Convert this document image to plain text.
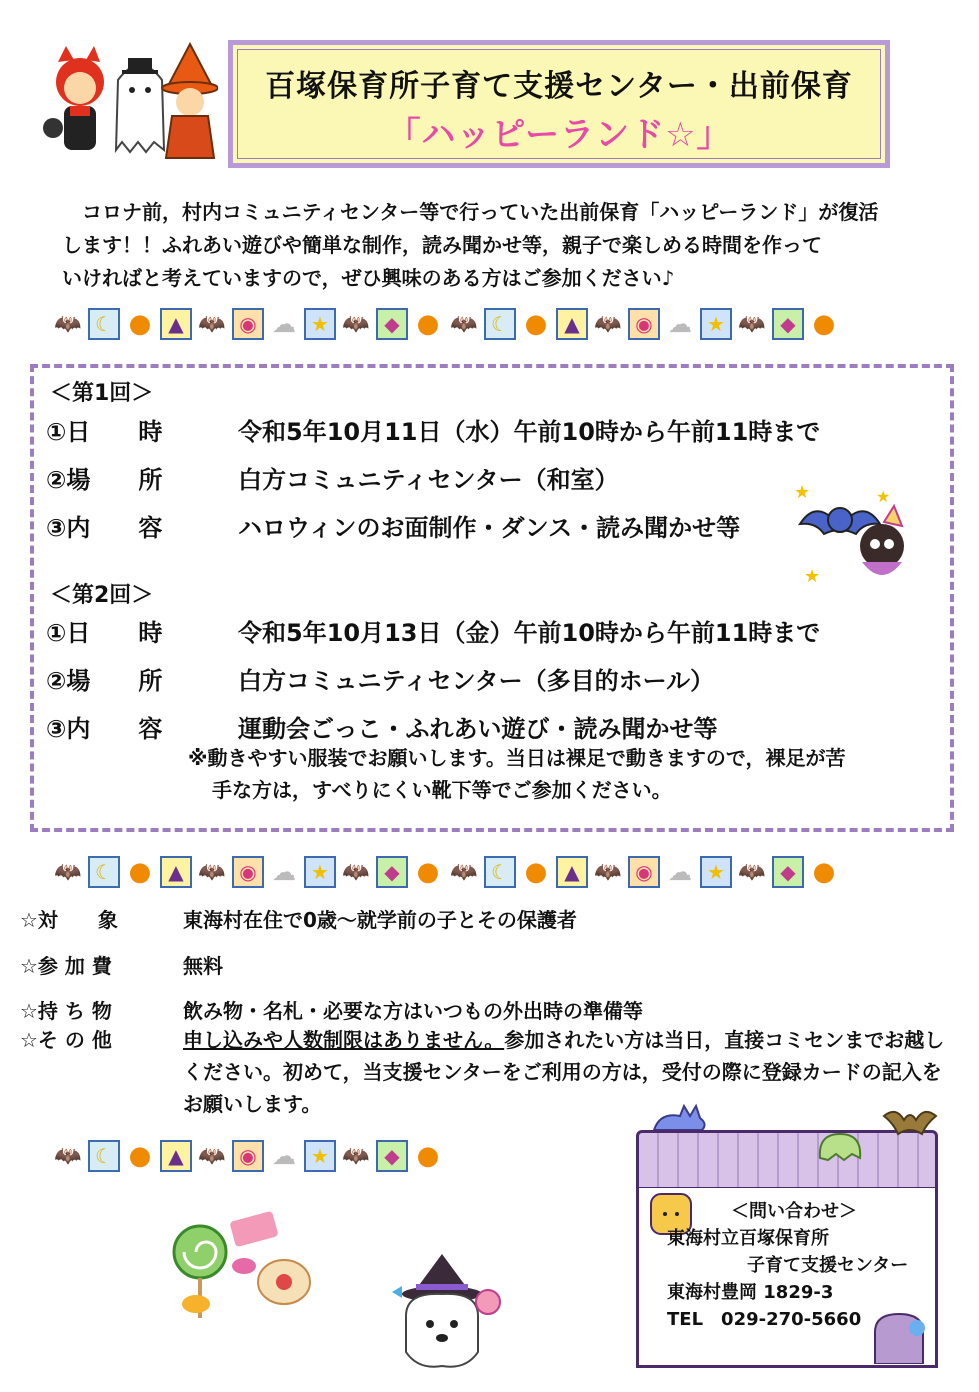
百塚保育所子育て支援センター・出前保育
「ハッピーランド☆」
　コロナ前，村内コミュニティセンター等で行っていた出前保育「ハッピーランド」が復活
します！！ふれあい遊びや簡単な制作，読み聞かせ等，親子で楽しめる時間を作って
いければと考えていますので，ぜひ興味のある方はご参加ください♪
🦇 ☾ ● ▲ 🦇 ◉ ☁ ★ 🦇 ◆ ● 🦇 ☾ ● ▲ 🦇 ◉ ☁ ★ 🦇 ◆ ●
＜第1回＞
①日　　時	令和5年10月11日（水）午前10時から午前11時まで
②場　　所	白方コミュニティセンター（和室）
③内　　容	ハロウィンのお面制作・ダンス・読み聞かせ等
★
★
★
＜第2回＞
①日　　時	令和5年10月13日（金）午前10時から午前11時まで
②場　　所	白方コミュニティセンター（多目的ホール）
③内　　容	運動会ごっこ・ふれあい遊び・読み聞かせ等
※動きやすい服装でお願いします。当日は裸足で動きますので，裸足が苦
手な方は，すべりにくい靴下等でご参加ください。
🦇 ☾ ● ▲ 🦇 ◉ ☁ ★ 🦇 ◆ ● 🦇 ☾ ● ▲ 🦇 ◉ ☁ ★ 🦇 ◆ ●
☆対　　象	東海村在住で0歳～就学前の子とその保護者
☆参 加 費	無料
☆持 ち 物	飲み物・名札・必要な方はいつもの外出時の準備等
☆そ の 他	申し込みや人数制限はありません。参加されたい方は当日，直接コミセンまでお越しください。初めて，当支援センターをご利用の方は，受付の際に登録カードの記入をお願いします。
🦇 ☾ ● ▲ 🦇 ◉ ☁ ★ 🦇 ◆ ●
＜問い合わせ＞
東海村立百塚保育所
子育て支援センター
東海村豊岡 1829-3
TEL　029-270-5660
